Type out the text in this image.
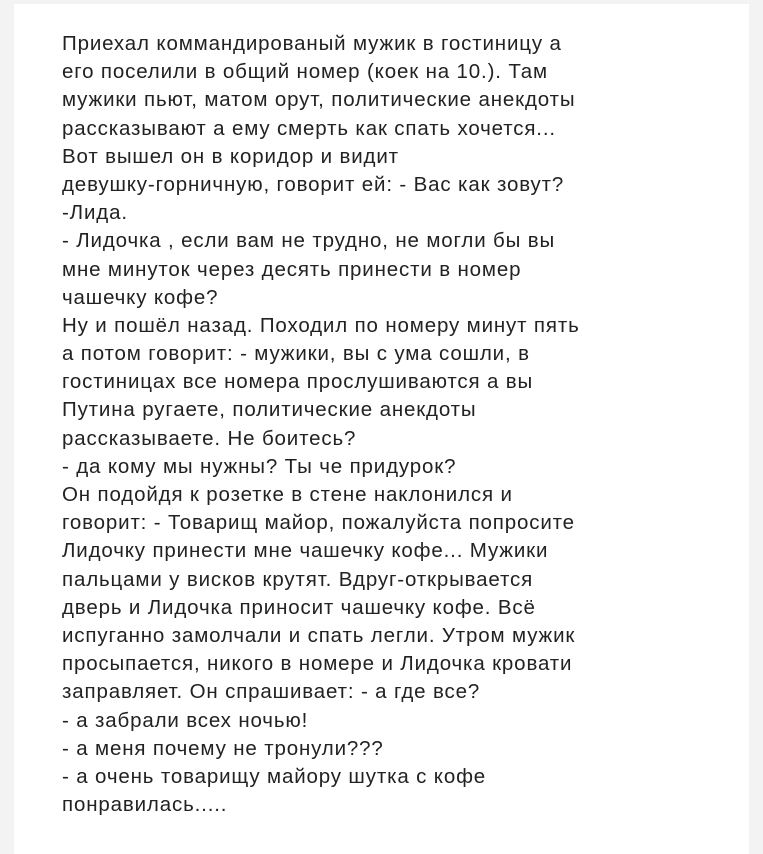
Приехал коммандированый мужик в гостиницу а
его поселили в общий номер (коек на 10.). Там
мужики пьют, матом орут, политические анекдоты
рассказывают а ему смерть как спать хочется...
Вот вышел он в коридор и видит
девушку-горничную, говорит ей: - Вас как зовут?
-Лида.
- Лидочка , если вам не трудно, не могли бы вы
мне минуток через десять принести в номер
чашечку кофе?
Ну и пошёл назад. Походил по номеру минут пять
а потом говорит: - мужики, вы с ума сошли, в
гостиницах все номера прослушиваются а вы
Путина ругаете, политические анекдоты
рассказываете. Не боитесь?
- да кому мы нужны? Ты че придурок?
Он подойдя к розетке в стене наклонился и
говорит: - Товарищ майор, пожалуйста попросите
Лидочку принести мне чашечку кофе... Мужики
пальцами у висков крутят. Вдруг-открывается
дверь и Лидочка приносит чашечку кофе. Всё
испуганно замолчали и спать легли. Утром мужик
просыпается, никого в номере и Лидочка кровати
заправляет. Он спрашивает: - а где все?
- а забрали всех ночью!
- а меня почему не тронули???
- а очень товарищу майору шутка с кофе
понравилась.....
